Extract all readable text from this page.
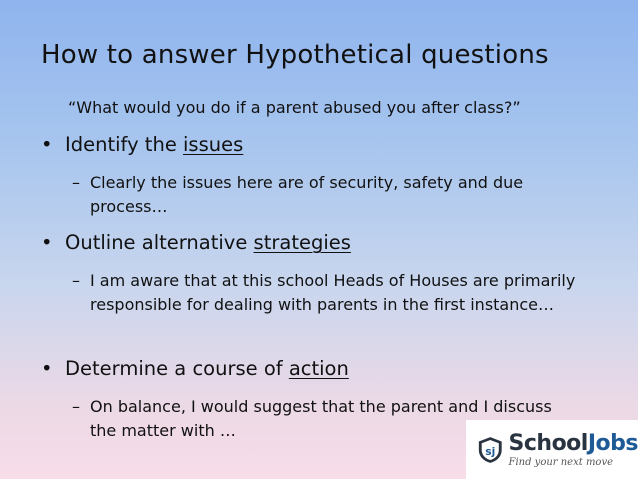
How to answer Hypothetical questions
“What would you do if a parent abused you after class?”
• Identify the issues
– Clearly the issues here are of security, safety and due process…
• Outline alternative strategies
– I am aware that at this school Heads of Houses are primarily responsible for dealing with parents in the first instance…
• Determine a course of action
– On balance, I would suggest that the parent and I discuss the matter with …
sj SchoolJobs
Find your next move
